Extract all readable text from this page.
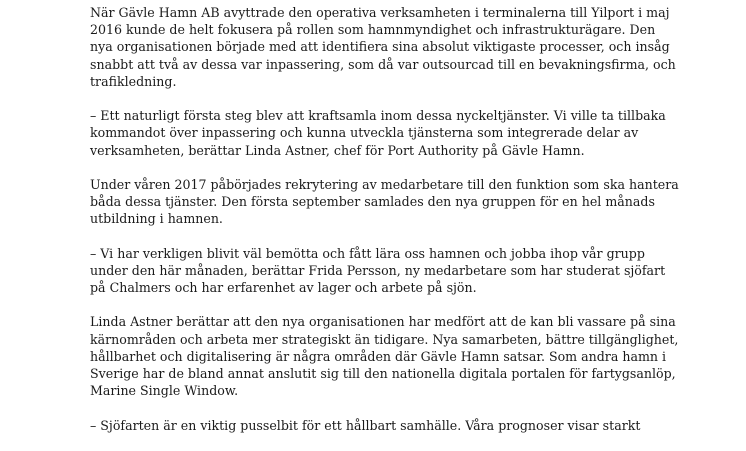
När Gävle Hamn AB avyttrade den operativa verksamheten i terminalerna till Yilport i maj
2016 kunde de helt fokusera på rollen som hamnmyndighet och infrastrukturägare. Den
nya organisationen började med att identifiera sina absolut viktigaste processer, och insåg
snabbt att två av dessa var inpassering, som då var outsourcad till en bevakningsfirma, och
trafikledning.

– Ett naturligt första steg blev att kraftsamla inom dessa nyckeltjänster. Vi ville ta tillbaka
kommandot över inpassering och kunna utveckla tjänsterna som integrerade delar av
verksamheten, berättar Linda Astner, chef för Port Authority på Gävle Hamn.

Under våren 2017 påbörjades rekrytering av medarbetare till den funktion som ska hantera
båda dessa tjänster. Den första september samlades den nya gruppen för en hel månads
utbildning i hamnen.

– Vi har verkligen blivit väl bemötta och fått lära oss hamnen och jobba ihop vår grupp
under den här månaden, berättar Frida Persson, ny medarbetare som har studerat sjöfart
på Chalmers och har erfarenhet av lager och arbete på sjön.

Linda Astner berättar att den nya organisationen har medfört att de kan bli vassare på sina
kärnområden och arbeta mer strategiskt än tidigare. Nya samarbeten, bättre tillgänglighet,
hållbarhet och digitalisering är några områden där Gävle Hamn satsar. Som andra hamn i
Sverige har de bland annat anslutit sig till den nationella digitala portalen för fartygsanlöp,
Marine Single Window.

– Sjöfarten är en viktig pusselbit för ett hållbart samhälle. Våra prognoser visar starkt
